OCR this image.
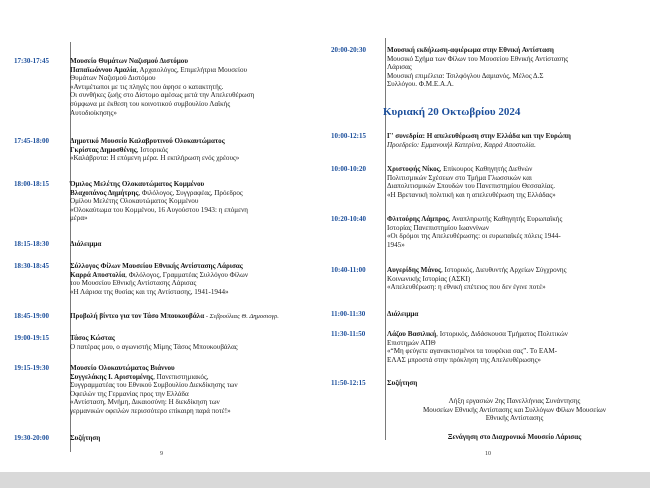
17:30-17:45	Μουσείο Θυμάτων Ναζισμού Διστόμου
Παπαϊωάννου Αμαλία, Αρχαιολόγος, Επιμελήτρια Μουσείου
Θυμάτων Ναζισμού Διστόμου
«Αντιμέτωποι με τις πληγές που άφησε ο κατακτητής.
Οι συνθήκες ζωής στο Δίστομο αμέσως μετά την Απελευθέρωση
σύμφωνα με έκθεση του κοινοτικού συμβουλίου Λαϊκής
Αυτοδιοίκησης»
17:45-18:00	Δημοτικό Μουσείο Καλαβρυτινού Ολοκαυτώματος
Γκρίστας Δημοσθένης, Ιστορικός
«Καλάβρυτα: Η επόμενη μέρα. Η εκπλήρωση ενός χρέους»
18:00-18:15	Όμιλος Μελέτης Ολοκαυτώματος Κομμένου
Βλαχοπάνος Δημήτρης, Φιλόλογος, Συγγραφέας, Πρόεδρος
Ομίλου Μελέτης Ολοκαυτώματος Κομμένου
«Ολοκαύτωμα του Κομμένου, 16 Αυγούστου 1943: η επόμενη
μέρα»
18:15-18:30	Διάλειμμα
18:30-18:45	Σύλλογος Φίλων Μουσείου Εθνικής Αντίστασης Λάρισας
Καρρά Αποστολία, Φιλόλογος, Γραμματέας Συλλόγου Φίλων
του Μουσείου Εθνικής Αντίστασης Λάρισας
«Η Λάρισα της θυσίας και της Αντίστασης, 1941-1944»
18:45-19:00	Προβολή βίντεο για τον Τάσο Μπουκουβάλα - Σεβρούλιας Θ. Δημοσιογρ.
19:00-19:15	Τάσος Κώστας
Ο πατέρας μου, ο αγωνιστής Μίμης Τάσος Μπουκουβάλας
19:15-19:30	Μουσείο Ολοκαυτώματος Βιάννου
Συγγελάκης Ι. Αριστομένης, Πανεπιστημιακός,
Συγγραμματέας του Εθνικού Συμβουλίου Διεκδίκησης των
Οφειλών της Γερμανίας προς την Ελλάδα
«Αντίσταση, Μνήμη, Δικαιοσύνη: Η διεκδίκηση των
γερμανικών οφειλών περισσότερο επίκαιρη παρά ποτέ!»
19:30-20:00	Συζήτηση
9
20:00-20:30	Μουσική εκδήλωση-αφιέρωμα στην Εθνική Αντίσταση
Μουσικό Σχήμα των Φίλων του Μουσείου Εθνικής Αντίστασης
Λάρισας
Μουσική επιμέλεια: Τσιλφόγλου Δαμιανός, Μέλος Δ.Σ
Συλλόγου. Φ.Μ.Ε.Α.Λ.
Κυριακή 20 Οκτωβρίου 2024
10:00-12:15	Γ' συνεδρία: Η απελευθέρωση στην Ελλάδα και την Ευρώπη
Προεδρείο: Εμμανουήλ Κατερίνα, Καρρά Αποστολία.
10:00-10:20	Χριστοφής Νίκος, Επίκουρος Καθηγητής Διεθνών
Πολιτισμικών Σχέσεων στο Τμήμα Γλωσσικών και
Διαπολιτισμικών Σπουδών του Πανεπιστημίου Θεσσαλίας.
«Η Βρετανική πολιτική και η απελευθέρωση της Ελλάδας»
10:20-10:40	Φλιτούρης Λάμπρος, Αναπληρωτής Καθηγητής Ευρωπαϊκής
Ιστορίας Πανεπιστημίου Ιωαννίνων
«Οι δρόμοι της Απελευθέρωσης: οι ευρωπαϊκές πόλεις 1944-
1945»
10:40-11:00	Αυγερίδης Μάνος, Ιστορικός, Διευθυντής Αρχείων Σύγχρονης
Κοινωνικής Ιστορίας (ΑΣΚΙ)
«Απελευθέρωση: η εθνική επέτειος που δεν έγινε ποτέ»
11:00-11:30	Διάλειμμα
11:30-11:50	Λάζου Βασιλική, Ιστορικός, Διδάσκουσα Τμήματος Πολιτικών
Επιστημών ΑΠΘ
«“Μη φεύγετε αγανακτισμένοι τα τουφέκια σας”. Το ΕΑΜ-
ΕΛΑΣ μπροστά στην πρόκληση της Απελευθέρωσης»
11:50-12:15	Συζήτηση
Λήξη εργασιών 2ης Πανελλήνιας Συνάντησης
Μουσείων Εθνικής Αντίστασης και Συλλόγων Φίλων Μουσείων
Εθνικής Αντίστασης
Ξενάγηση στο Διαχρονικό Μουσείο Λάρισας
10
